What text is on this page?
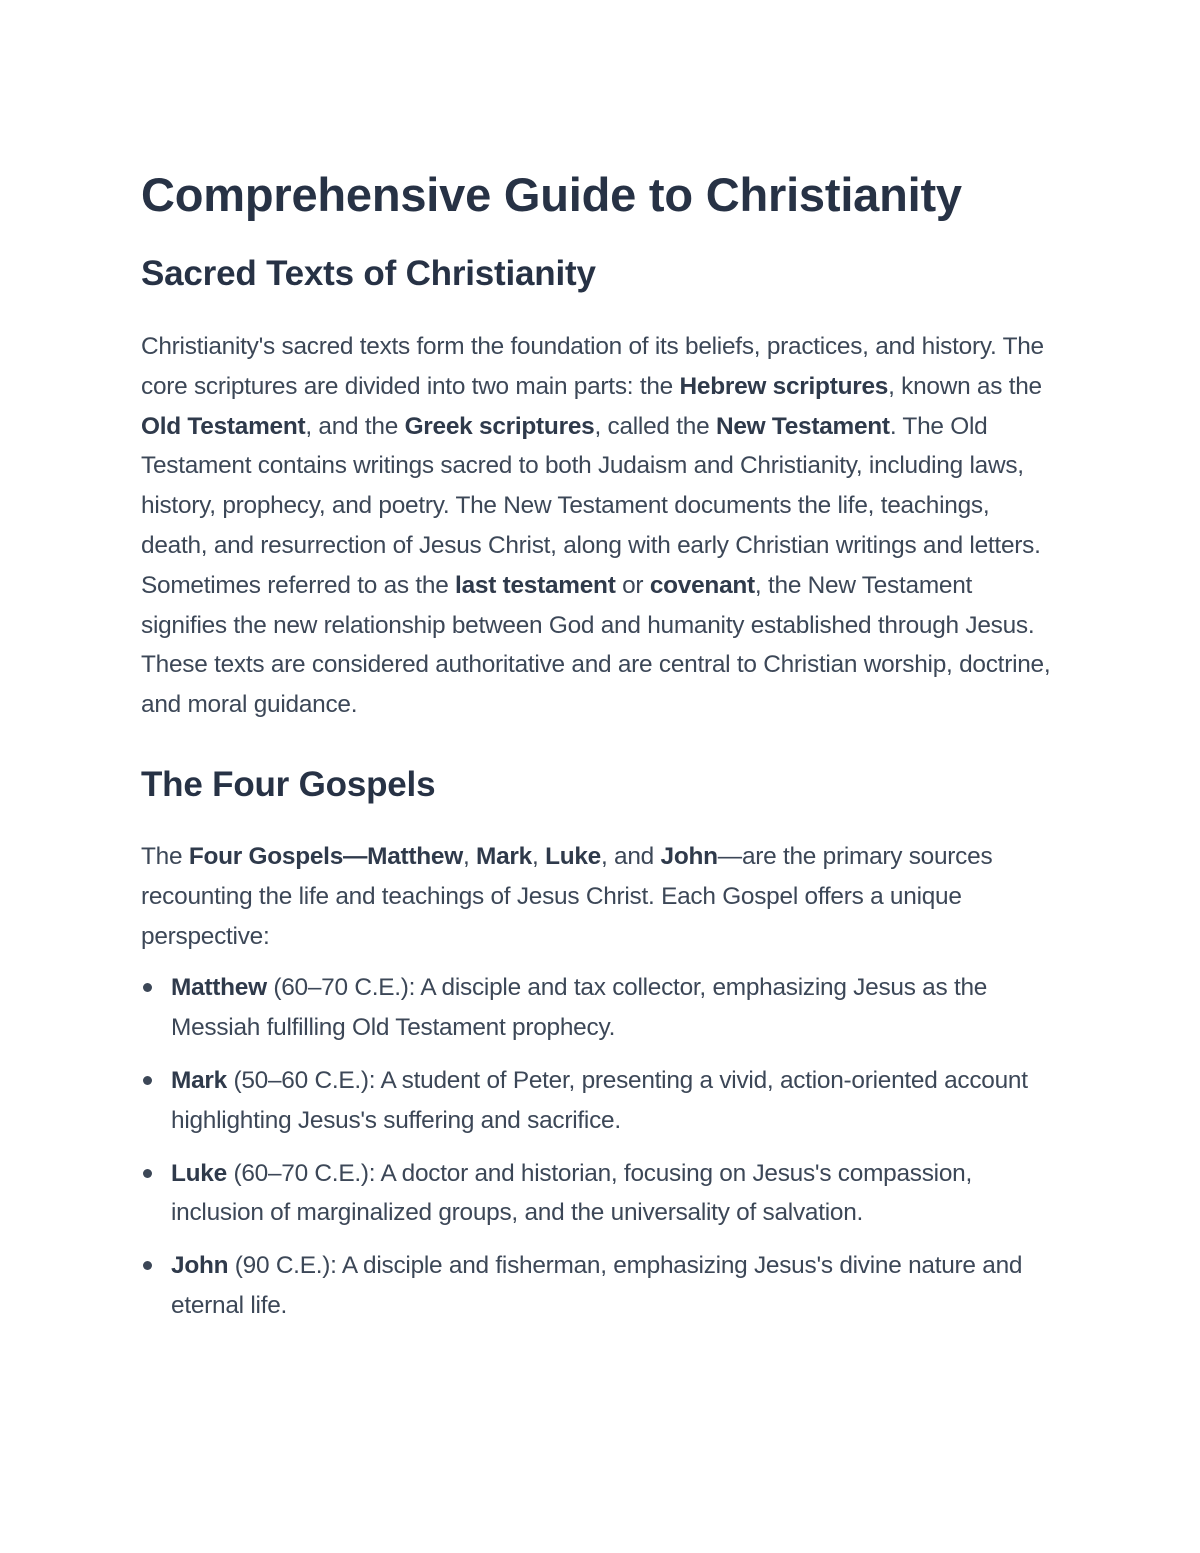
Comprehensive Guide to Christianity
Sacred Texts of Christianity

Christianity's sacred texts form the foundation of its beliefs, practices, and history. The core scriptures are divided into two main parts: the Hebrew scriptures, known as the Old Testament, and the Greek scriptures, called the New Testament. The Old Testament contains writings sacred to both Judaism and Christianity, including laws, history, prophecy, and poetry. The New Testament documents the life, teachings, death, and resurrection of Jesus Christ, along with early Christian writings and letters. Sometimes referred to as the last testament or covenant, the New Testament signifies the new relationship between God and humanity established through Jesus. These texts are considered authoritative and are central to Christian worship, doctrine, and moral guidance.

The Four Gospels

The Four Gospels—Matthew, Mark, Luke, and John—are the primary sources recounting the life and teachings of Jesus Christ. Each Gospel offers a unique perspective:

Matthew (60–70 C.E.): A disciple and tax collector, emphasizing Jesus as the Messiah fulfilling Old Testament prophecy.
Mark (50–60 C.E.): A student of Peter, presenting a vivid, action-oriented account highlighting Jesus's suffering and sacrifice.
Luke (60–70 C.E.): A doctor and historian, focusing on Jesus's compassion, inclusion of marginalized groups, and the universality of salvation.
John (90 C.E.): A disciple and fisherman, emphasizing Jesus's divine nature and eternal life.
